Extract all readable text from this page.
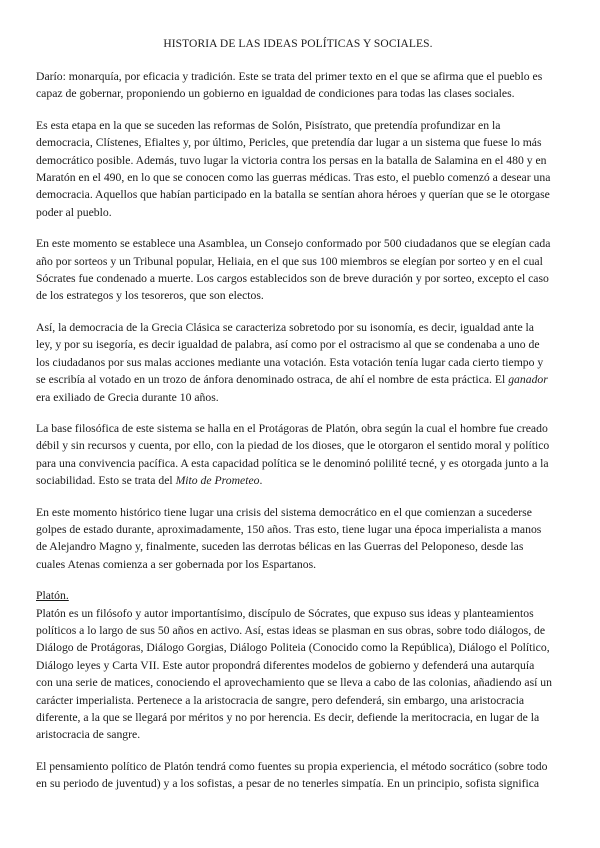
HISTORIA DE LAS IDEAS POLÍTICAS Y SOCIALES.

Darío: monarquía, por eficacia y tradición. Este se trata del primer texto en el que se afirma que el pueblo es capaz de gobernar, proponiendo un gobierno en igualdad de condiciones para todas las clases sociales.

Es esta etapa en la que se suceden las reformas de Solón, Pisístrato, que pretendía profundizar en la democracia, Clístenes, Efialtes y, por último, Pericles, que pretendía dar lugar a un sistema que fuese lo más democrático posible. Además, tuvo lugar la victoria contra los persas en la batalla de Salamina en el 480 y en Maratón en el 490, en lo que se conocen como las guerras médicas. Tras esto, el pueblo comenzó a desear una democracia. Aquellos que habían participado en la batalla se sentían ahora héroes y querían que se le otorgase poder al pueblo.

En este momento se establece una Asamblea, un Consejo conformado por 500 ciudadanos que se elegían cada año por sorteos y un Tribunal popular, Heliaia, en el que sus 100 miembros se elegían por sorteo y en el cual Sócrates fue condenado a muerte. Los cargos establecidos son de breve duración y por sorteo, excepto el caso de los estrategos y los tesoreros, que son electos.

Así, la democracia de la Grecia Clásica se caracteriza sobretodo por su isonomía, es decir, igualdad ante la ley, y por su isegoría, es decir igualdad de palabra, así como por el ostracismo al que se condenaba a uno de los ciudadanos por sus malas acciones mediante una votación. Esta votación tenía lugar cada cierto tiempo y se escribía al votado en un trozo de ánfora denominado ostraca, de ahí el nombre de esta práctica. El ganador era exiliado de Grecia durante 10 años.

La base filosófica de este sistema se halla en el Protágoras de Platón, obra según la cual el hombre fue creado débil y sin recursos y cuenta, por ello, con la piedad de los dioses, que le otorgaron el sentido moral y político para una convivencia pacífica. A esta capacidad política se le denominó polilité tecné, y es otorgada junto a la sociabilidad. Esto se trata del Mito de Prometeo.

En este momento histórico tiene lugar una crisis del sistema democrático en el que comienzan a sucederse golpes de estado durante, aproximadamente, 150 años. Tras esto, tiene lugar una época imperialista a manos de Alejandro Magno y, finalmente, suceden las derrotas bélicas en las Guerras del Peloponeso, desde las cuales Atenas comienza a ser gobernada por los Espartanos.

Platón.
Platón es un filósofo y autor importantísimo, discípulo de Sócrates, que expuso sus ideas y planteamientos políticos a lo largo de sus 50 años en activo. Así, estas ideas se plasman en sus obras, sobre todo diálogos, de Diálogo de Protágoras, Diálogo Gorgias, Diálogo Politeia (Conocido como la República), Diálogo el Político, Diálogo leyes y Carta VII. Este autor propondrá diferentes modelos de gobierno y defenderá una autarquía con una serie de matices, conociendo el aprovechamiento que se lleva a cabo de las colonias, añadiendo así un carácter imperialista. Pertenece a la aristocracia de sangre, pero defenderá, sin embargo, una aristocracia diferente, a la que se llegará por méritos y no por herencia. Es decir, defiende la meritocracia, en lugar de la aristocracia de sangre.

El pensamiento político de Platón tendrá como fuentes su propia experiencia, el método socrático (sobre todo en su periodo de juventud) y a los sofistas, a pesar de no tenerles simpatía. En un principio, sofista significa
